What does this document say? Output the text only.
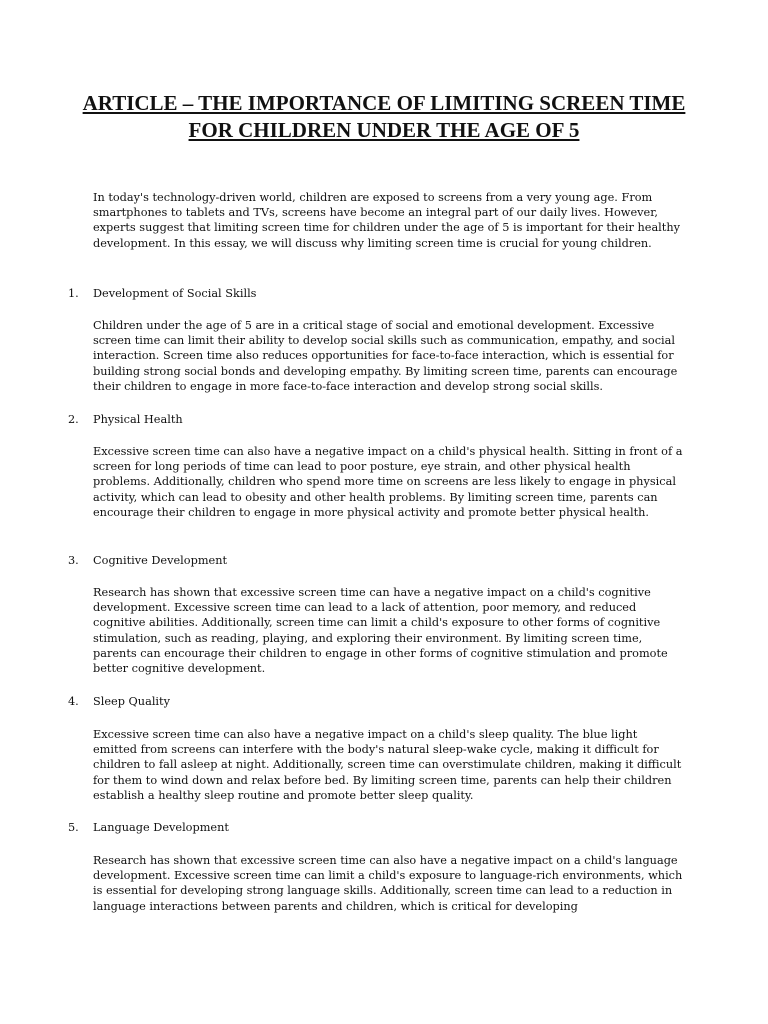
ARTICLE – THE IMPORTANCE OF LIMITING SCREEN TIME FOR CHILDREN UNDER THE AGE OF 5

In today's technology-driven world, children are exposed to screens from a very young age. From smartphones to tablets and TVs, screens have become an integral part of our daily lives. However, experts suggest that limiting screen time for children under the age of 5 is important for their healthy development. In this essay, we will discuss why limiting screen time is crucial for young children.

1. Development of Social Skills

Children under the age of 5 are in a critical stage of social and emotional development. Excessive screen time can limit their ability to develop social skills such as communication, empathy, and social interaction. Screen time also reduces opportunities for face-to-face interaction, which is essential for building strong social bonds and developing empathy. By limiting screen time, parents can encourage their children to engage in more face-to-face interaction and develop strong social skills.

2. Physical Health

Excessive screen time can also have a negative impact on a child's physical health. Sitting in front of a screen for long periods of time can lead to poor posture, eye strain, and other physical health problems. Additionally, children who spend more time on screens are less likely to engage in physical activity, which can lead to obesity and other health problems. By limiting screen time, parents can encourage their children to engage in more physical activity and promote better physical health.

3. Cognitive Development

Research has shown that excessive screen time can have a negative impact on a child's cognitive development. Excessive screen time can lead to a lack of attention, poor memory, and reduced cognitive abilities. Additionally, screen time can limit a child's exposure to other forms of cognitive stimulation, such as reading, playing, and exploring their environment. By limiting screen time, parents can encourage their children to engage in other forms of cognitive stimulation and promote better cognitive development.

4. Sleep Quality

Excessive screen time can also have a negative impact on a child's sleep quality. The blue light emitted from screens can interfere with the body's natural sleep-wake cycle, making it difficult for children to fall asleep at night. Additionally, screen time can overstimulate children, making it difficult for them to wind down and relax before bed. By limiting screen time, parents can help their children establish a healthy sleep routine and promote better sleep quality.

5. Language Development

Research has shown that excessive screen time can also have a negative impact on a child's language development. Excessive screen time can limit a child's exposure to language-rich environments, which is essential for developing strong language skills. Additionally, screen time can lead to a reduction in language interactions between parents and children, which is critical for developing
